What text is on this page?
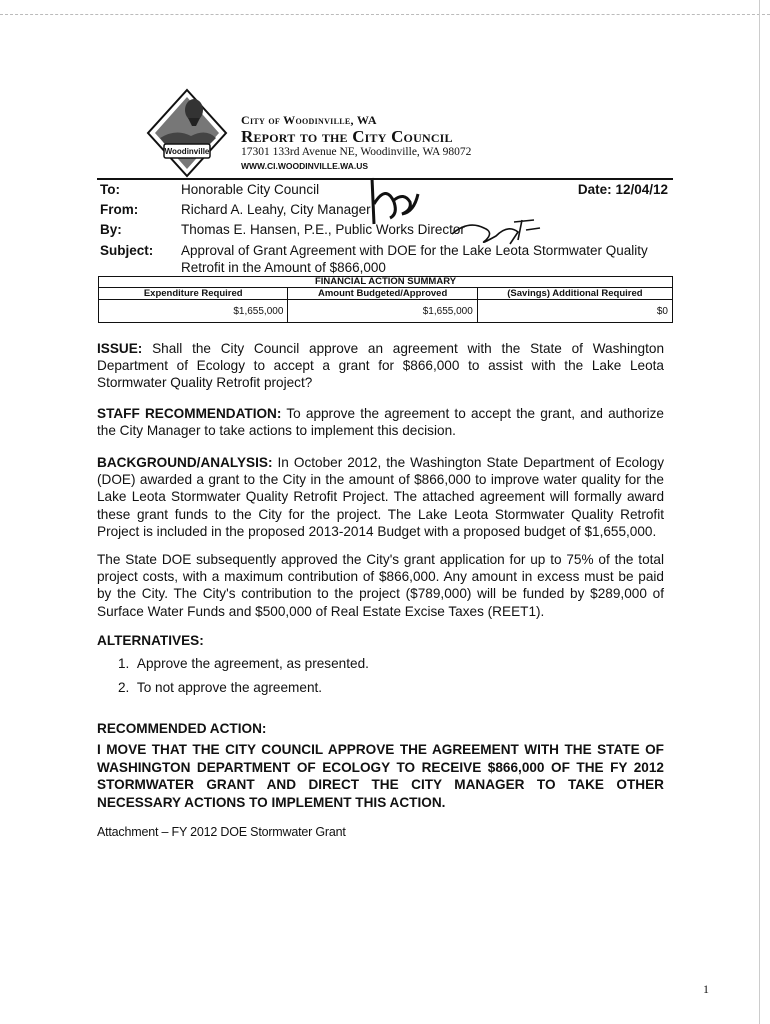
Woodinville
City of Woodinville, WA
Report to the City Council
17301 133rd Avenue NE, Woodinville, WA 98072
WWW.CI.WOODINVILLE.WA.US
To:	Honorable City Council	Date: 12/04/12
From:	Richard A. Leahy, City Manager
By:	Thomas E. Hansen, P.E., Public Works Director
Subject: Approval of Grant Agreement with DOE for the Lake Leota Stormwater Quality
Retrofit in the Amount of $866,000
FINANCIAL ACTION SUMMARY		
Expenditure Required	Amount Budgeted/Approved	(Savings) Additional Required
$1,655,000	$1,655,000	$0
ISSUE: Shall the City Council approve an agreement with the State of Washington Department of Ecology to accept a grant for $866,000 to assist with the Lake Leota Stormwater Quality Retrofit project?
STAFF RECOMMENDATION: To approve the agreement to accept the grant, and authorize the City Manager to take actions to implement this decision.
BACKGROUND/ANALYSIS: In October 2012, the Washington State Department of Ecology (DOE) awarded a grant to the City in the amount of $866,000 to improve water quality for the Lake Leota Stormwater Quality Retrofit Project. The attached agreement will formally award these grant funds to the City for the project. The Lake Leota Stormwater Quality Retrofit Project is included in the proposed 2013-2014 Budget with a proposed budget of $1,655,000.
The State DOE subsequently approved the City's grant application for up to 75% of the total project costs, with a maximum contribution of $866,000. Any amount in excess must be paid by the City. The City's contribution to the project ($789,000) will be funded by $289,000 of Surface Water Funds and $500,000 of Real Estate Excise Taxes (REET1).
ALTERNATIVES:
1. Approve the agreement, as presented.
2. To not approve the agreement.
RECOMMENDED ACTION:
I MOVE THAT THE CITY COUNCIL APPROVE THE AGREEMENT WITH THE STATE OF WASHINGTON DEPARTMENT OF ECOLOGY TO RECEIVE $866,000 OF THE FY 2012 STORMWATER GRANT AND DIRECT THE CITY MANAGER TO TAKE OTHER NECESSARY ACTIONS TO IMPLEMENT THIS ACTION.
Attachment – FY 2012 DOE Stormwater Grant
1
